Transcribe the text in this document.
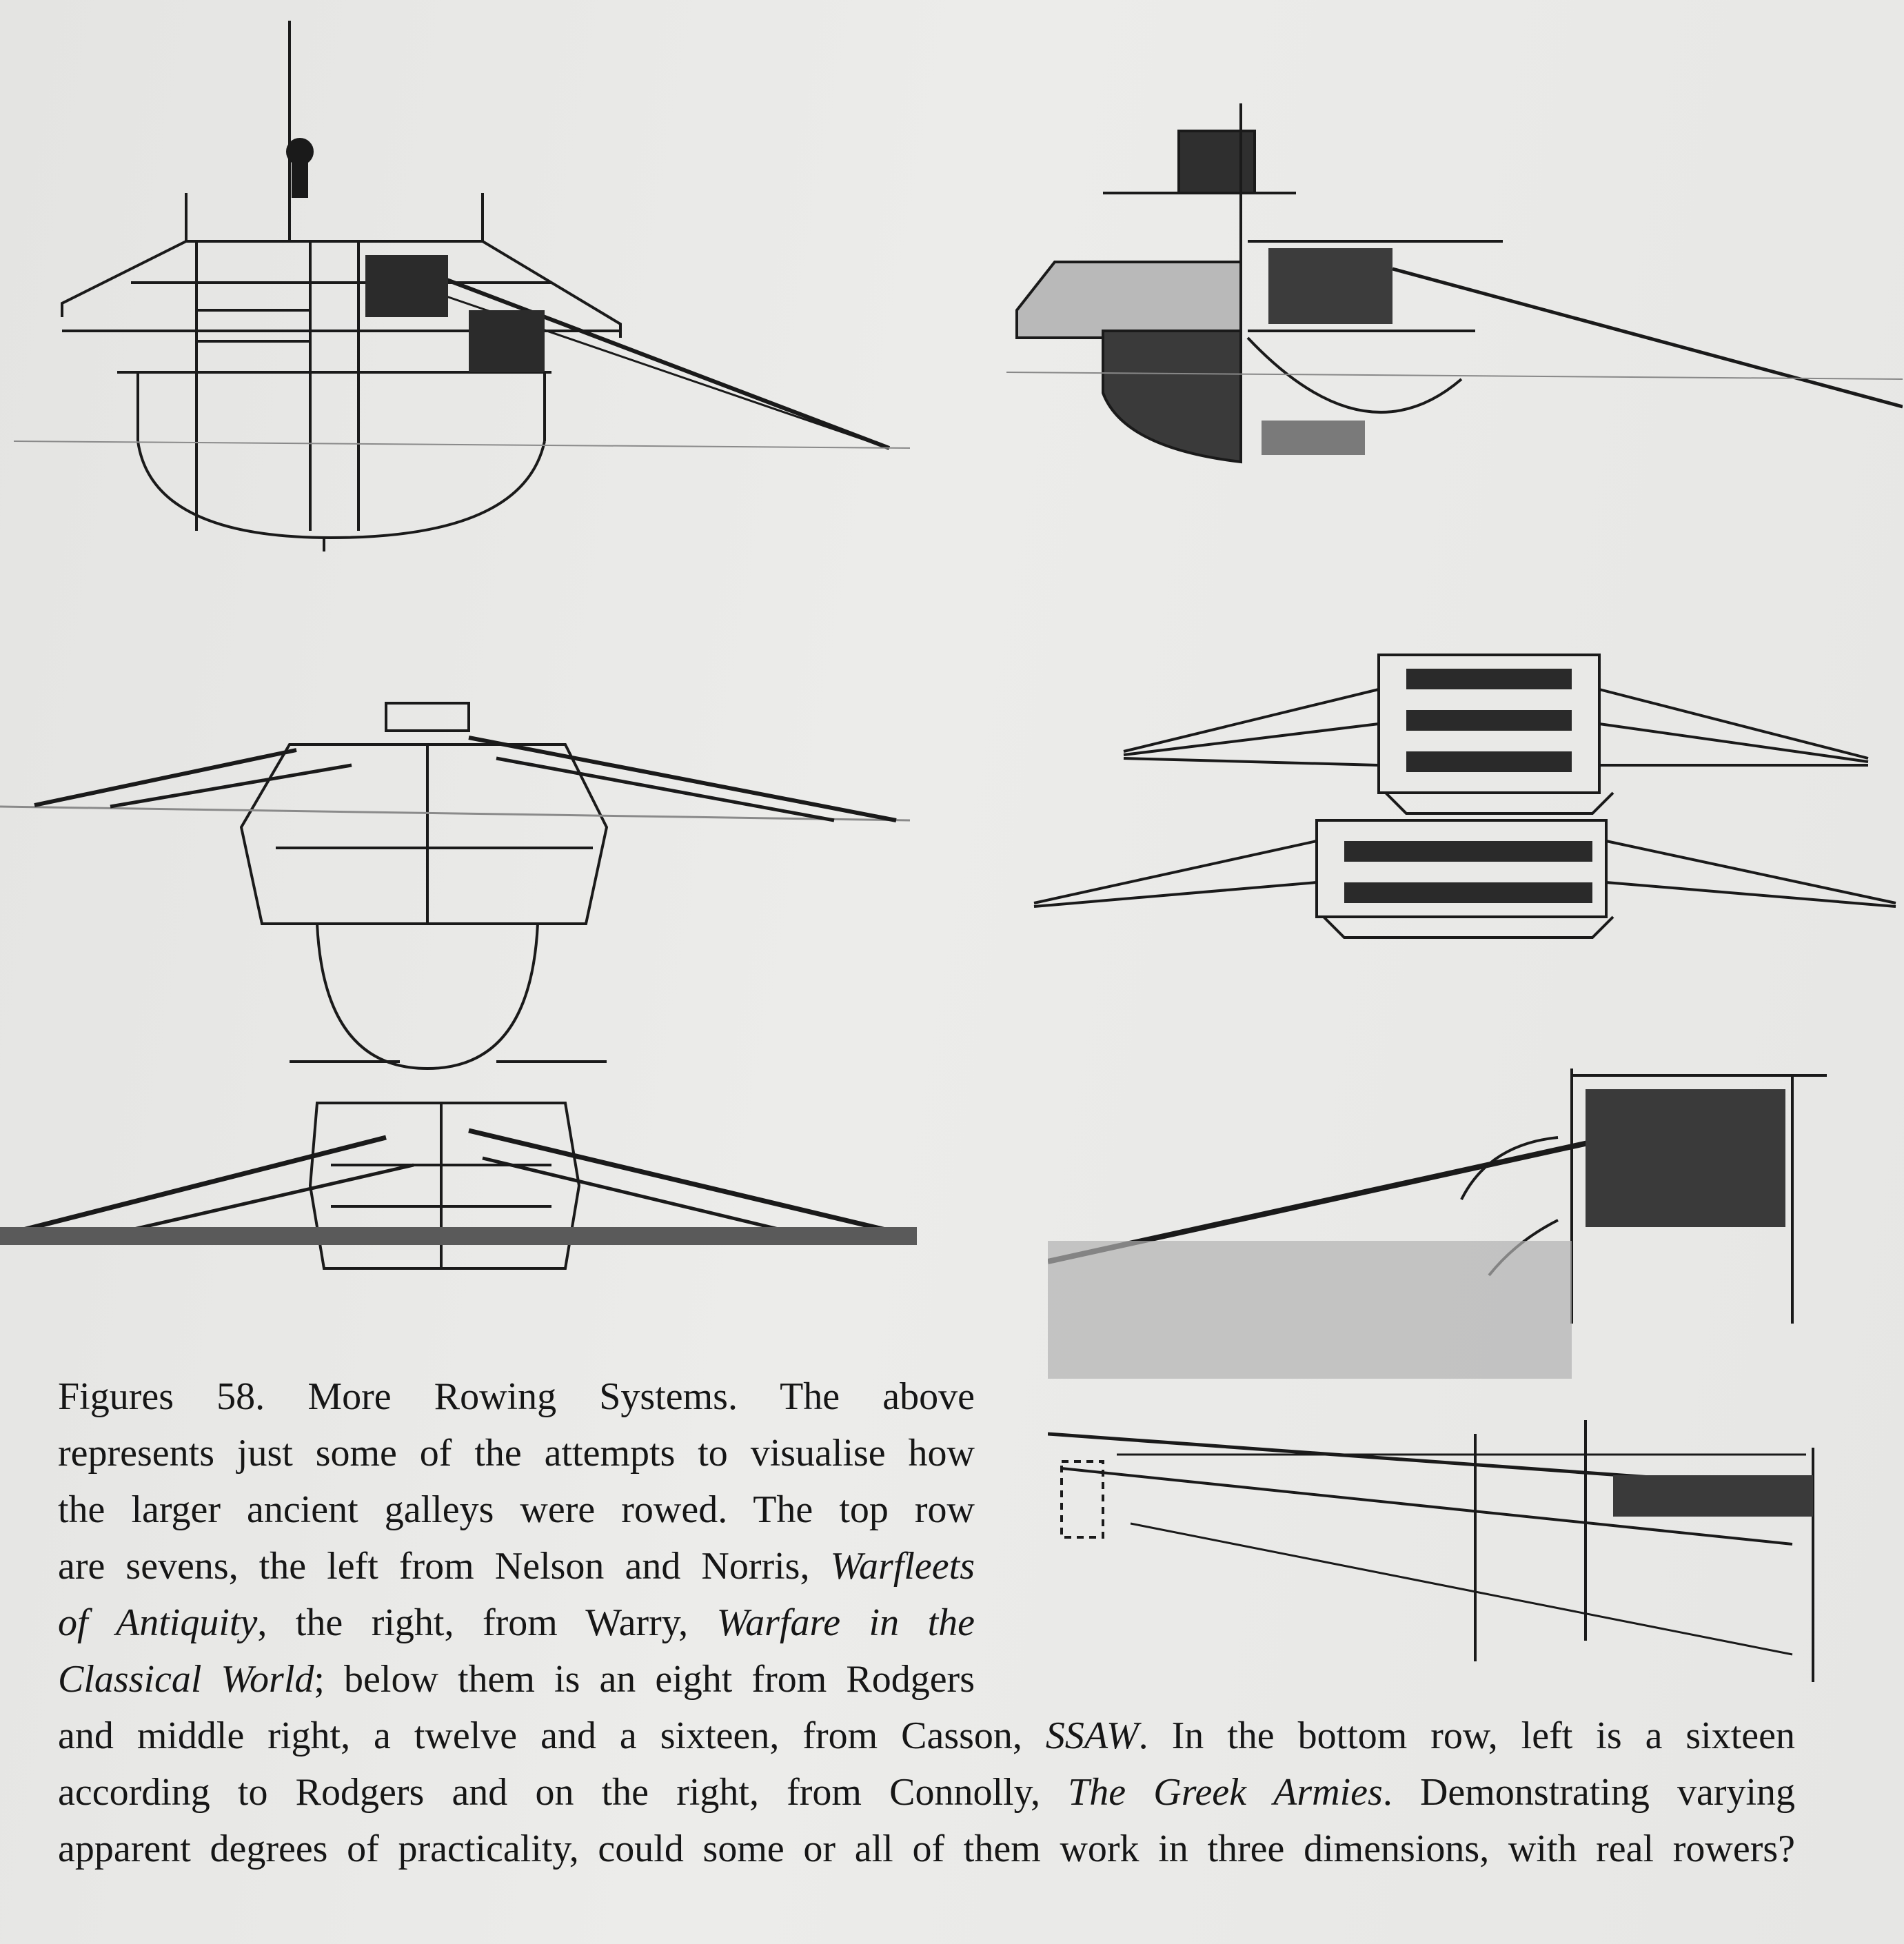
Figures 58. More Rowing Systems. The above
represents just some of the attempts to visualise how
the larger ancient galleys were rowed. The top row
are sevens, the left from Nelson and Norris, Warfleets
of Antiquity, the right, from Warry, Warfare in the
Classical World; below them is an eight from Rodgers
and middle right, a twelve and a sixteen, from Casson, SSAW. In the bottom row, left is a sixteen
according to Rodgers and on the right, from Connolly, The Greek Armies. Demonstrating varying
apparent degrees of practicality, could some or all of them work in three dimensions, with real rowers?
